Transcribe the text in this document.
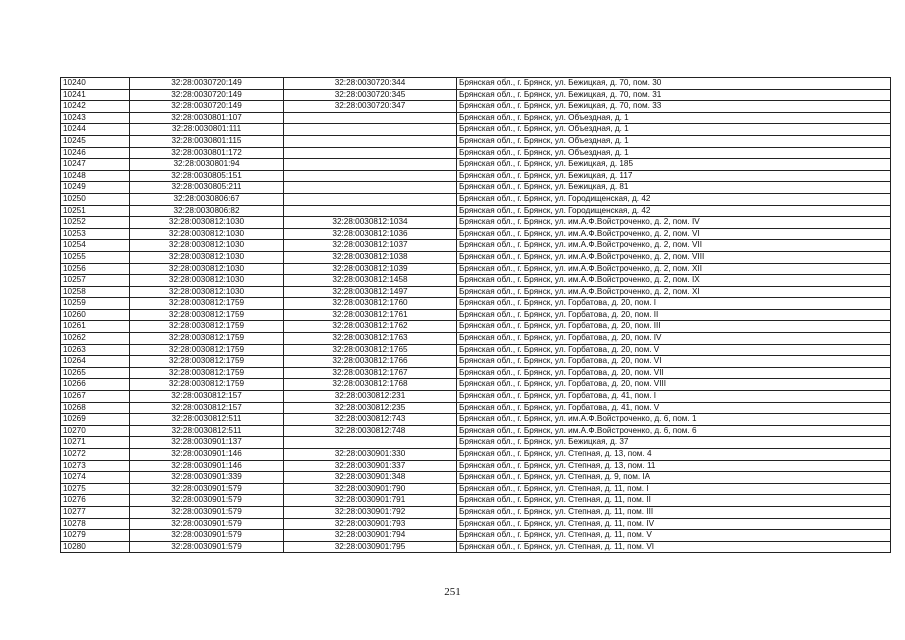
10240	32:28:0030720:149	32:28:0030720:344	Брянская обл., г. Брянск, ул. Бежицкая, д. 70, пом. 30
10241	32:28:0030720:149	32:28:0030720:345	Брянская обл., г. Брянск, ул. Бежицкая, д. 70, пом. 31
10242	32:28:0030720:149	32:28:0030720:347	Брянская обл., г. Брянск, ул. Бежицкая, д. 70, пом. 33
10243	32:28:0030801:107		Брянская обл., г. Брянск, ул. Объездная, д. 1
10244	32:28:0030801:111		Брянская обл., г. Брянск, ул. Объездная, д. 1
10245	32:28:0030801:115		Брянская обл., г. Брянск, ул. Объездная, д. 1
10246	32:28:0030801:172		Брянская обл., г. Брянск, ул. Объездная, д. 1
10247	32:28:0030801:94		Брянская обл., г. Брянск, ул. Бежицкая, д. 185
10248	32:28:0030805:151		Брянская обл., г. Брянск, ул. Бежицкая, д. 117
10249	32:28:0030805:211		Брянская обл., г. Брянск, ул. Бежицкая, д. 81
10250	32:28:0030806:67		Брянская обл., г. Брянск, ул. Городищенская, д. 42
10251	32:28:0030806:82		Брянская обл., г. Брянск, ул. Городищенская, д. 42
10252	32:28:0030812:1030	32:28:0030812:1034	Брянская обл., г. Брянск, ул. им.А.Ф.Войстроченко, д. 2, пом. IV
10253	32:28:0030812:1030	32:28:0030812:1036	Брянская обл., г. Брянск, ул. им.А.Ф.Войстроченко, д. 2, пом. VI
10254	32:28:0030812:1030	32:28:0030812:1037	Брянская обл., г. Брянск, ул. им.А.Ф.Войстроченко, д. 2, пом. VII
10255	32:28:0030812:1030	32:28:0030812:1038	Брянская обл., г. Брянск, ул. им.А.Ф.Войстроченко, д. 2, пом. VIII
10256	32:28:0030812:1030	32:28:0030812:1039	Брянская обл., г. Брянск, ул. им.А.Ф.Войстроченко, д. 2, пом. XII
10257	32:28:0030812:1030	32:28:0030812:1458	Брянская обл., г. Брянск, ул. им.А.Ф.Войстроченко, д. 2, пом. IX
10258	32:28:0030812:1030	32:28:0030812:1497	Брянская обл., г. Брянск, ул. им.А.Ф.Войстроченко, д. 2, пом. XI
10259	32:28:0030812:1759	32:28:0030812:1760	Брянская обл., г. Брянск, ул. Горбатова, д. 20, пом. I
10260	32:28:0030812:1759	32:28:0030812:1761	Брянская обл., г. Брянск, ул. Горбатова, д. 20, пом. II
10261	32:28:0030812:1759	32:28:0030812:1762	Брянская обл., г. Брянск, ул. Горбатова, д. 20, пом. III
10262	32:28:0030812:1759	32:28:0030812:1763	Брянская обл., г. Брянск, ул. Горбатова, д. 20, пом. IV
10263	32:28:0030812:1759	32:28:0030812:1765	Брянская обл., г. Брянск, ул. Горбатова, д. 20, пом. V
10264	32:28:0030812:1759	32:28:0030812:1766	Брянская обл., г. Брянск, ул. Горбатова, д. 20, пом. VI
10265	32:28:0030812:1759	32:28:0030812:1767	Брянская обл., г. Брянск, ул. Горбатова, д. 20, пом. VII
10266	32:28:0030812:1759	32:28:0030812:1768	Брянская обл., г. Брянск, ул. Горбатова, д. 20, пом. VIII
10267	32:28:0030812:157	32:28:0030812:231	Брянская обл., г. Брянск, ул. Горбатова, д. 41, пом. I
10268	32:28:0030812:157	32:28:0030812:235	Брянская обл., г. Брянск, ул. Горбатова, д. 41, пом. V
10269	32:28:0030812:511	32:28:0030812:743	Брянская обл., г. Брянск, ул. им.А.Ф.Войстроченко, д. 6, пом. 1
10270	32:28:0030812:511	32:28:0030812:748	Брянская обл., г. Брянск, ул. им.А.Ф.Войстроченко, д. 6, пом. 6
10271	32:28:0030901:137		Брянская обл., г. Брянск, ул. Бежицкая, д. 37
10272	32:28:0030901:146	32:28:0030901:330	Брянская обл., г. Брянск, ул. Степная, д. 13, пом. 4
10273	32:28:0030901:146	32:28:0030901:337	Брянская обл., г. Брянск, ул. Степная, д. 13, пом. 11
10274	32:28:0030901:339	32:28:0030901:348	Брянская обл., г. Брянск, ул. Степная, д. 9, пом. IA
10275	32:28:0030901:579	32:28:0030901:790	Брянская обл., г. Брянск, ул. Степная, д. 11, пом. I
10276	32:28:0030901:579	32:28:0030901:791	Брянская обл., г. Брянск, ул. Степная, д. 11, пом. II
10277	32:28:0030901:579	32:28:0030901:792	Брянская обл., г. Брянск, ул. Степная, д. 11, пом. III
10278	32:28:0030901:579	32:28:0030901:793	Брянская обл., г. Брянск, ул. Степная, д. 11, пом. IV
10279	32:28:0030901:579	32:28:0030901:794	Брянская обл., г. Брянск, ул. Степная, д. 11, пом. V
10280	32:28:0030901:579	32:28:0030901:795	Брянская обл., г. Брянск, ул. Степная, д. 11, пом. VI
251
